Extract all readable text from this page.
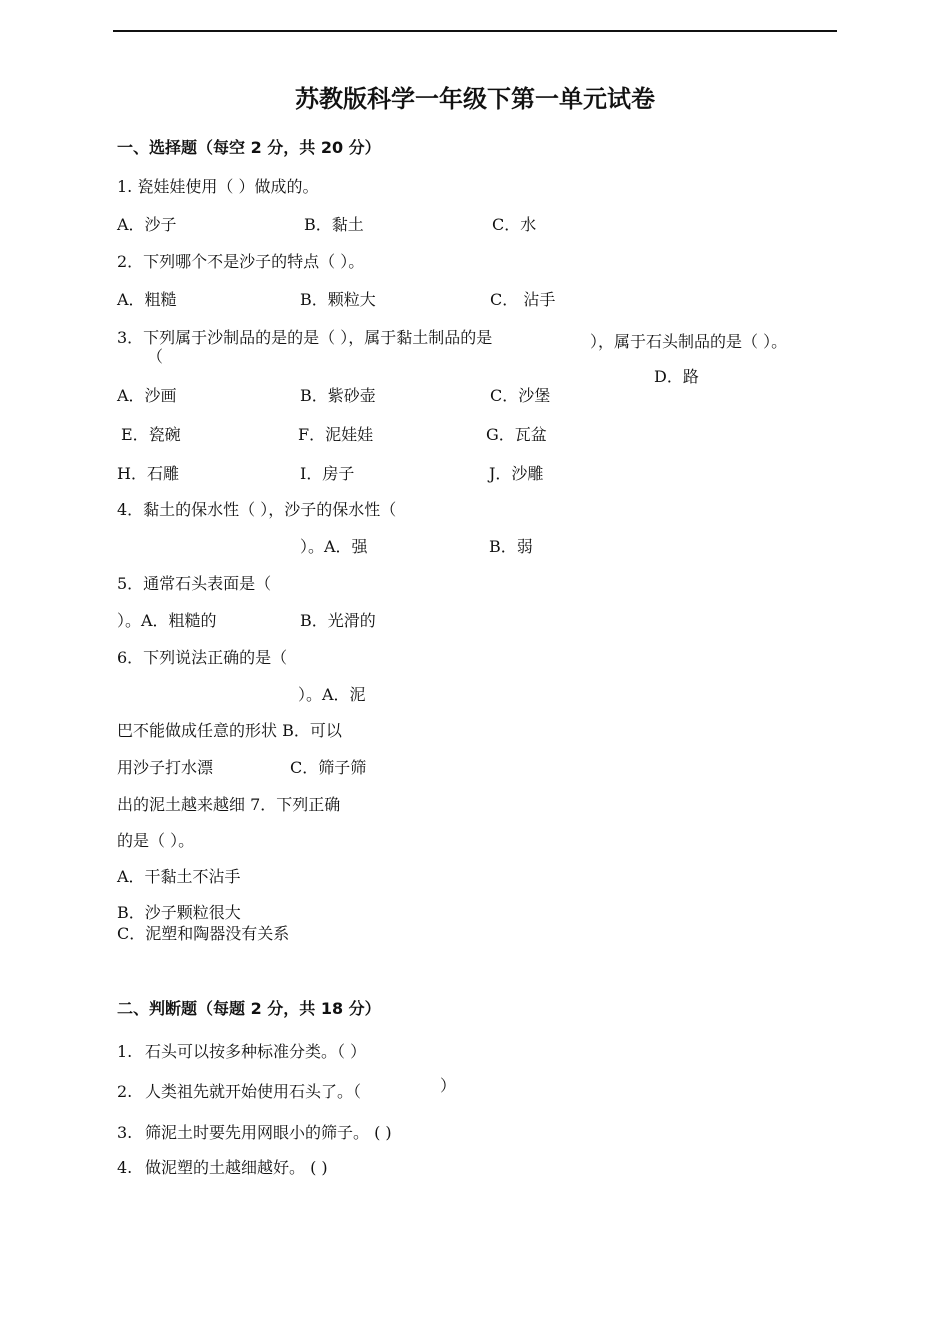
苏教版科学一年级下第一单元试卷
一、选择题（每空 2 分，共 20 分）
1. 瓷娃娃使用（ ）做成的。
A．沙子	B．黏土	C．水
2．下列哪个不是沙子的特点（ ）。
A．粗糙	B．颗粒大	C． 沾手
3．下列属于沙制品的是的是（ ），属于黏土制品的是
（
），属于石头制品的是（ ）。
D．路
A．沙画	B．紫砂壶	C．沙堡
E．瓷碗	F．泥娃娃	G．瓦盆
H．石雕	I．房子	J．沙雕
4．黏土的保水性（ ），沙子的保水性（
）。A．强	B．弱
5．通常石头表面是（
）。A．粗糙的	B．光滑的
6．下列说法正确的是（
）。A．泥
巴不能做成任意的形状 B．可以
用沙子打水漂	C．筛子筛
出的泥土越来越细 7．下列正确
的是（ ）。
A．干黏土不沾手
B．沙子颗粒很大
C．泥塑和陶器没有关系
二、判断题（每题 2 分，共 18 分）
1. 石头可以按多种标准分类。（ ）
2. 人类祖先就开始使用石头了。（	）
3. 筛泥土时要先用网眼小的筛子。 ( )
4. 做泥塑的土越细越好。 ( )
